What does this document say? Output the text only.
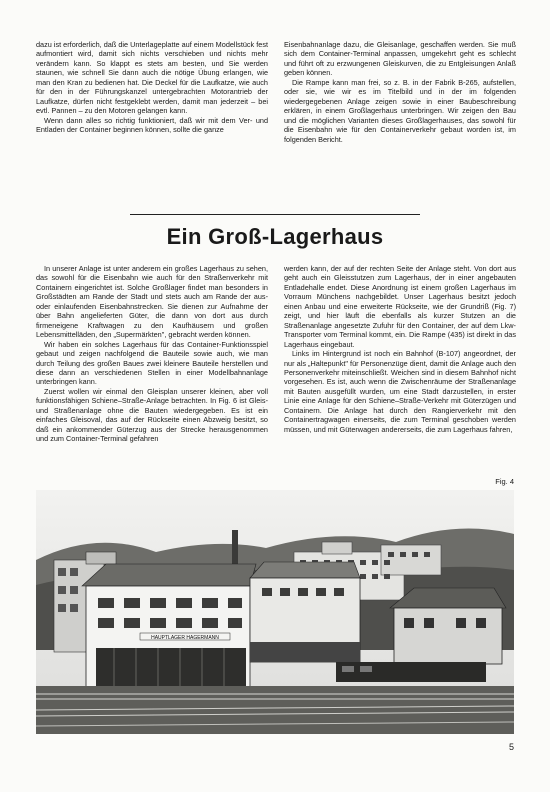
dazu ist erforderlich, daß die Unterlageplatte auf einem Modellstück fest aufmontiert wird, damit sich nichts verschieben und nichts mehr verändern kann. So klappt es stets am besten, und Sie werden staunen, wie schnell Sie dann auch die nötige Übung erlangen, wie man den Kran zu bedienen hat. Die Deckel für die Laufkatze, wie auch für den in der Führungskanzel untergebrachten Motorantrieb der Laufkatze, dürfen nicht festgeklebt werden, damit man jederzeit – bei evtl. Pannen – zu den Motoren gelangen kann.

Wenn dann alles so richtig funktioniert, daß wir mit dem Ver- und Entladen der Container beginnen können, sollte die ganze

Eisenbahnanlage dazu, die Gleisanlage, geschaffen werden. Sie muß sich dem Container-Terminal anpassen, umgekehrt geht es schlecht und führt oft zu erzwungenen Gleiskurven, die zu Entgleisungen Anlaß geben können.

Die Rampe kann man frei, so z. B. in der Fabrik B-265, aufstellen, oder sie, wie wir es im Titelbild und in der im folgenden wiedergegebenen Anlage zeigen sowie in einer Baubeschreibung erklären, in einem Großlagerhaus unterbringen. Wir zeigen den Bau und die möglichen Varianten dieses Großlagerhauses, das sowohl für die Eisenbahn wie für den Containerverkehr gebaut worden ist, im folgenden Bericht.

Ein Groß-Lagerhaus

In unserer Anlage ist unter anderem ein großes Lagerhaus zu sehen, das sowohl für die Eisenbahn wie auch für den Straßenverkehr mit Containern eingerichtet ist. Solche Großlager findet man besonders in Großstädten am Rande der Stadt und stets auch am Rande der aus- oder einlaufenden Eisenbahnstrecken. Sie dienen zur Aufnahme der über Bahn angelieferten Güter, die dann von dort aus durch firmeneigene Kraftwagen zu den Kaufhäusern und großen Lebensmittelläden, den „Supermärkten", gebracht werden können.

Wir haben ein solches Lagerhaus für das Container-Funktionsspiel gebaut und zeigen nachfolgend die Bauteile sowie auch, wie man durch Teilung des großen Baues zwei kleinere Bauteile herstellen und diese dann an verschiedenen Stellen in einer Modellbahnanlage unterbringen kann.

Zuerst wollen wir einmal den Gleisplan unserer kleinen, aber voll funktionsfähigen Schiene–Straße-Anlage betrachten. In Fig. 6 ist Gleis- und Straßenanlage ohne die Bauten wiedergegeben. Es ist ein einfaches Gleisoval, das auf der Rückseite einen Abzweig besitzt, so daß ein ankommender Güterzug aus der Strecke herausgenommen und zum Container-Terminal gefahren

werden kann, der auf der rechten Seite der Anlage steht. Von dort aus geht auch ein Gleisstutzen zum Lagerhaus, der in einer angebauten Entladehalle endet. Diese Anordnung ist einem großen Lagerhaus im Vorraum Münchens nachgebildet. Unser Lagerhaus besitzt jedoch einen Anbau und eine erweiterte Rückseite, wie der Grundriß (Fig. 7) zeigt, und hier läuft die ebenfalls als kurzer Stutzen an die Straßenanlage angesetzte Zufuhr für den Container, der auf dem Lkw-Transporter vom Terminal kommt, ein. Die Rampe (435) ist direkt in das Lagerhaus eingebaut.

Links im Hintergrund ist noch ein Bahnhof (B-107) angeordnet, der nur als „Haltepunkt" für Personenzüge dient, damit die Anlage auch den Personenverkehr miteinschließt. Weichen sind in diesem Bahnhof nicht vorgesehen. Es ist, auch wenn die Zwischenräume der Straßenanlage mit Bauten ausgefüllt wurden, um eine Stadt darzustellen, in erster Linie eine Anlage für den Schiene–Straße-Verkehr mit Güterzügen und Containern. Die Anlage hat durch den Rangierverkehr mit den Containertragwagen einerseits, die zum Terminal geschoben werden müssen, und mit Güterwagen andererseits, die zum Lagerhaus fahren,

Fig. 4
HAUPTLAGER HAGERMANN
5
